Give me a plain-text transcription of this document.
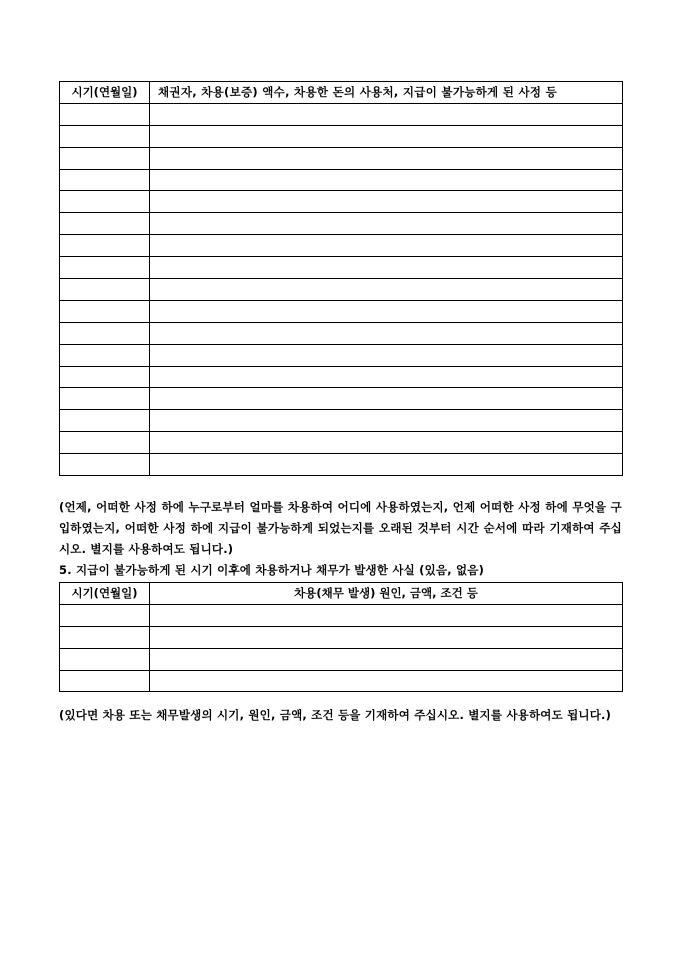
시기(연월일)	채권자, 차용(보증) 액수, 차용한 돈의 사용처, 지급이 불가능하게 된 사정 등

(언제, 어떠한 사정 하에 누구로부터 얼마를 차용하여 어디에 사용하였는지, 언제 어떠한 사정 하에 무엇을 구입하였는지, 어떠한 사정 하에 지급이 불가능하게 되었는지를 오래된 것부터 시간 순서에 따라 기재하여 주십시오. 별지를 사용하여도 됩니다.)
5. 지급이 불가능하게 된 시기 이후에 차용하거나 채무가 발생한 사실 (있음, 없음)
시기(연월일)	차용(채무 발생) 원인, 금액, 조건 등

(있다면 차용 또는 채무발생의 시기, 원인, 금액, 조건 등을 기재하여 주십시오. 별지를 사용하여도 됩니다.)
